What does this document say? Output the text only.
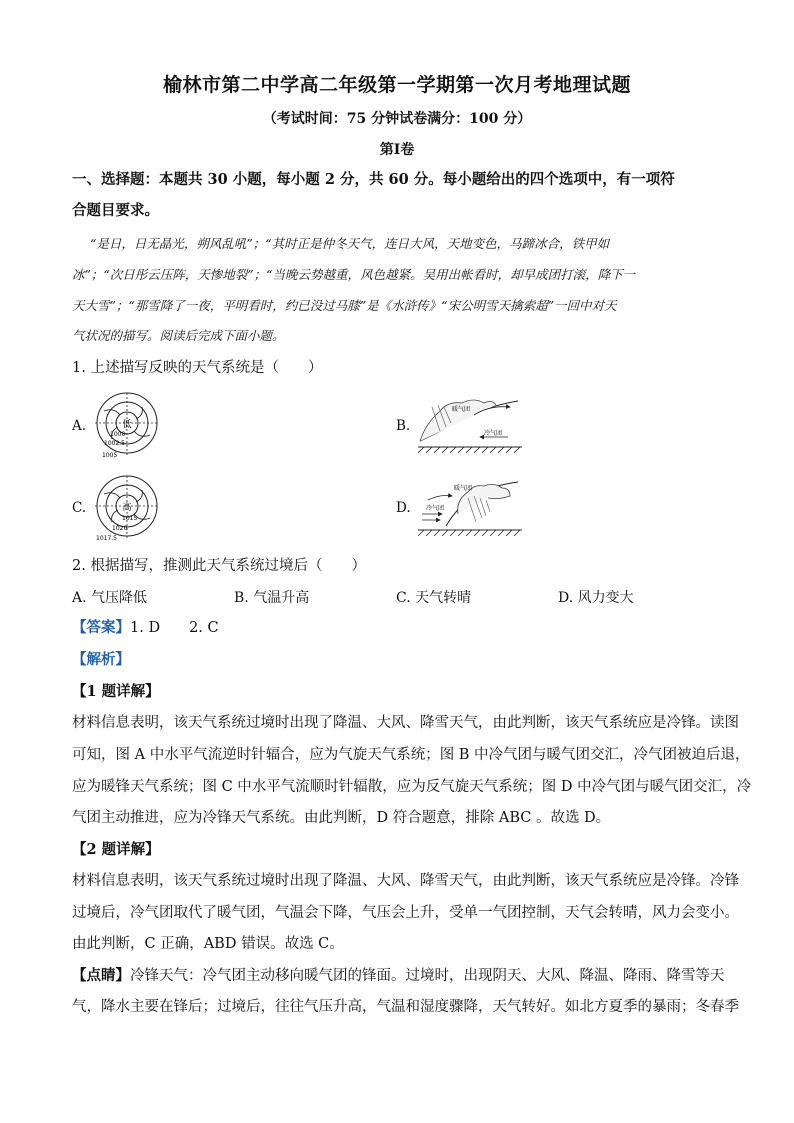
榆林市第二中学高二年级第一学期第一次月考地理试题
（考试时间：75 分钟试卷满分：100 分）
第Ⅰ卷
一、选择题：本题共 30 小题，每小题 2 分，共 60 分。每小题给出的四个选项中，有一项符
合题目要求。
“是日，日无晶光，朔风乱吼”；“其时正是仲冬天气，连日大风，天地变色，马蹄冰合，铁甲如
冰”；“次日彤云压阵，天惨地裂”；“当晚云势越重，风色越紧。吴用出帐看时，却早成团打滚，降下一
天大雪”；“那雪降了一夜，平明看时，约已没过马膝”是《水浒传》“宋公明雪天擒索超”一回中对天
气状况的描写。阅读后完成下面小题。
1. 上述描写反映的天气系统是（　　）
A.	低
1000
1002.5
1005
B.
暖气团
冷气团
C.	高
1015
1020
1017.5
D.
暖气团
冷气团
2. 根据描写，推测此天气系统过境后（　　）
A. 气压降低	B. 气温升高	C. 天气转晴	D. 风力变大
【答案】1. D　　2. C
【解析】
【1 题详解】
材料信息表明，该天气系统过境时出现了降温、大风、降雪天气，由此判断，该天气系统应是冷锋。读图
可知，图 A 中水平气流逆时针辐合，应为气旋天气系统；图 B 中冷气团与暖气团交汇，冷气团被迫后退，
应为暖锋天气系统；图 C 中水平气流顺时针辐散，应为反气旋天气系统；图 D 中冷气团与暖气团交汇，冷
气团主动推进，应为冷锋天气系统。由此判断，D 符合题意，排除 ABC 。故选 D。
【2 题详解】
材料信息表明，该天气系统过境时出现了降温、大风、降雪天气，由此判断，该天气系统应是冷锋。冷锋
过境后，冷气团取代了暖气团，气温会下降，气压会上升，受单一气团控制，天气会转晴，风力会变小。
由此判断，C 正确，ABD 错误。故选 C。
【点睛】冷锋天气：冷气团主动移向暖气团的锋面。过境时，出现阴天、大风、降温、降雨、降雪等天
气，降水主要在锋后；过境后，往往气压升高，气温和湿度骤降，天气转好。如北方夏季的暴雨；冬春季
